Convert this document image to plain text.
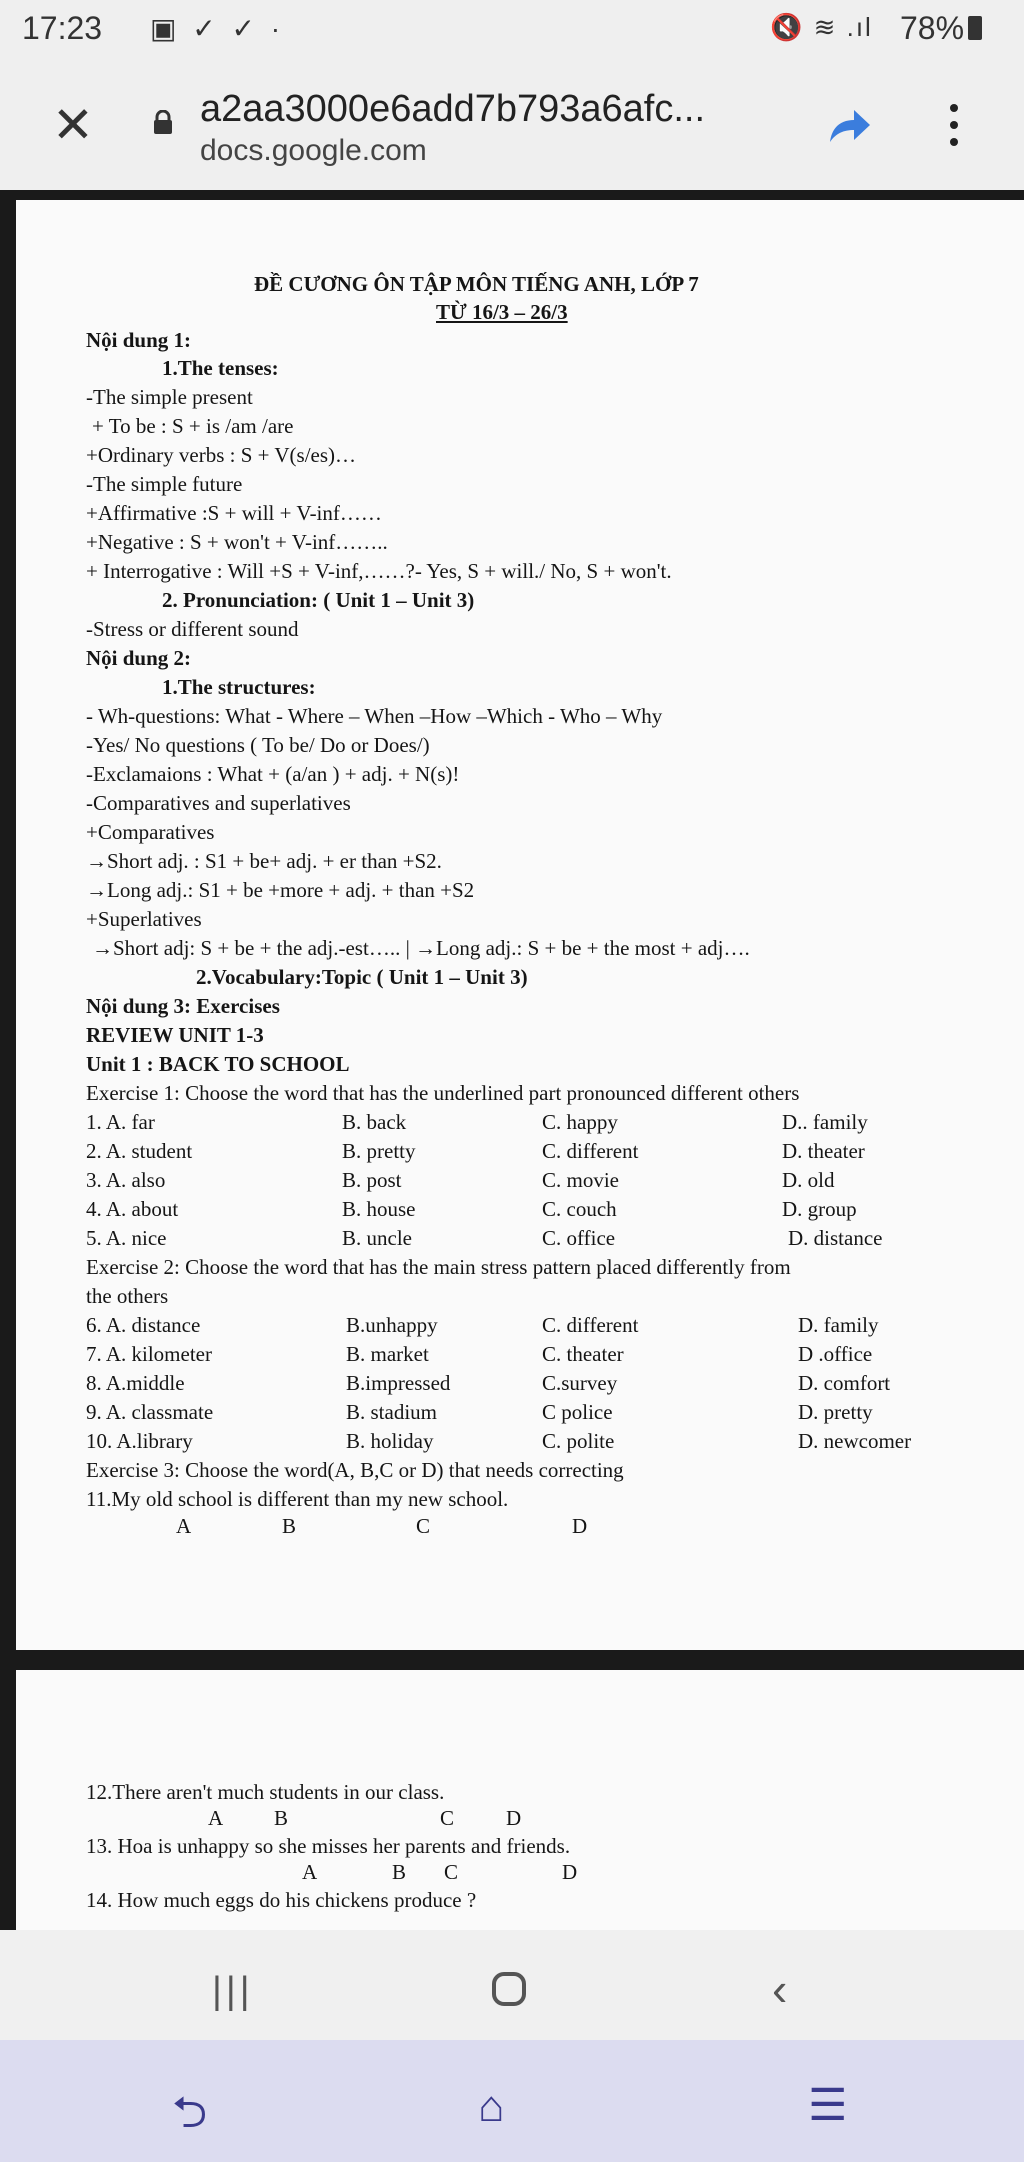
17:23 ▣ ✓ ✓ ·	🔇 ≋ .ıl 78%
✕	a2aa3000e6add7b793a6afc...
docs.google.com
ĐỀ CƯƠNG ÔN TẬP MÔN TIẾNG ANH, LỚP 7
TỪ 16/3 – 26/3
Nội dung 1:
1.The tenses:
-The simple present
+ To be : S + is /am /are
+Ordinary verbs : S + V(s/es)…
-The simple future
+Affirmative :S + will + V-inf……
+Negative : S + won't + V-inf……..
+ Interrogative : Will +S + V-inf,……?- Yes, S + will./ No, S + won't.
2. Pronunciation: ( Unit 1 – Unit 3)
-Stress or different sound
Nội dung 2:
1.The structures:
- Wh-questions: What - Where – When –How –Which - Who – Why
-Yes/ No questions ( To be/ Do or Does/)
-Exclamaions : What + (a/an ) + adj. + N(s)!
-Comparatives and superlatives
+Comparatives
→Short adj. : S1 + be+ adj. + er than +S2.
→Long adj.: S1 + be +more + adj. + than +S2
+Superlatives
→Short adj: S + be + the adj.-est….. | →Long adj.: S + be + the most + adj….
2.Vocabulary:Topic ( Unit 1 – Unit 3)
Nội dung 3: Exercises
REVIEW UNIT 1-3
Unit 1 : BACK TO SCHOOL
Exercise 1: Choose the word that has the underlined part pronounced different others
1. A. far	B. back	C. happy	D.. family
2. A. student	B. pretty	C. different	D. theater
3. A. also	B. post	C. movie	D. old
4. A. about	B. house	C. couch	D. group
5. A. nice	B. uncle	C. office	D. distance
Exercise 2: Choose the word that has the main stress pattern placed differently from
the others
6. A. distance	B.unhappy	C. different	D. family
7. A. kilometer	B. market	C. theater	D .office
8. A.middle	B.impressed	C.survey	D. comfort
9. A. classmate	B. stadium	C police	D. pretty
10. A.library	B. holiday	C. polite	D. newcomer
Exercise 3: Choose the word(A, B,C or D) that needs correcting
11.My old school is different than my new school.
A	B	C	D
12.There aren't much students in our class.
A B	C D
13. Hoa is unhappy so she misses her parents and friends.
A	B C	D
14. How much eggs do his chickens produce ?
|||	‹
⮌	⌂	☰
